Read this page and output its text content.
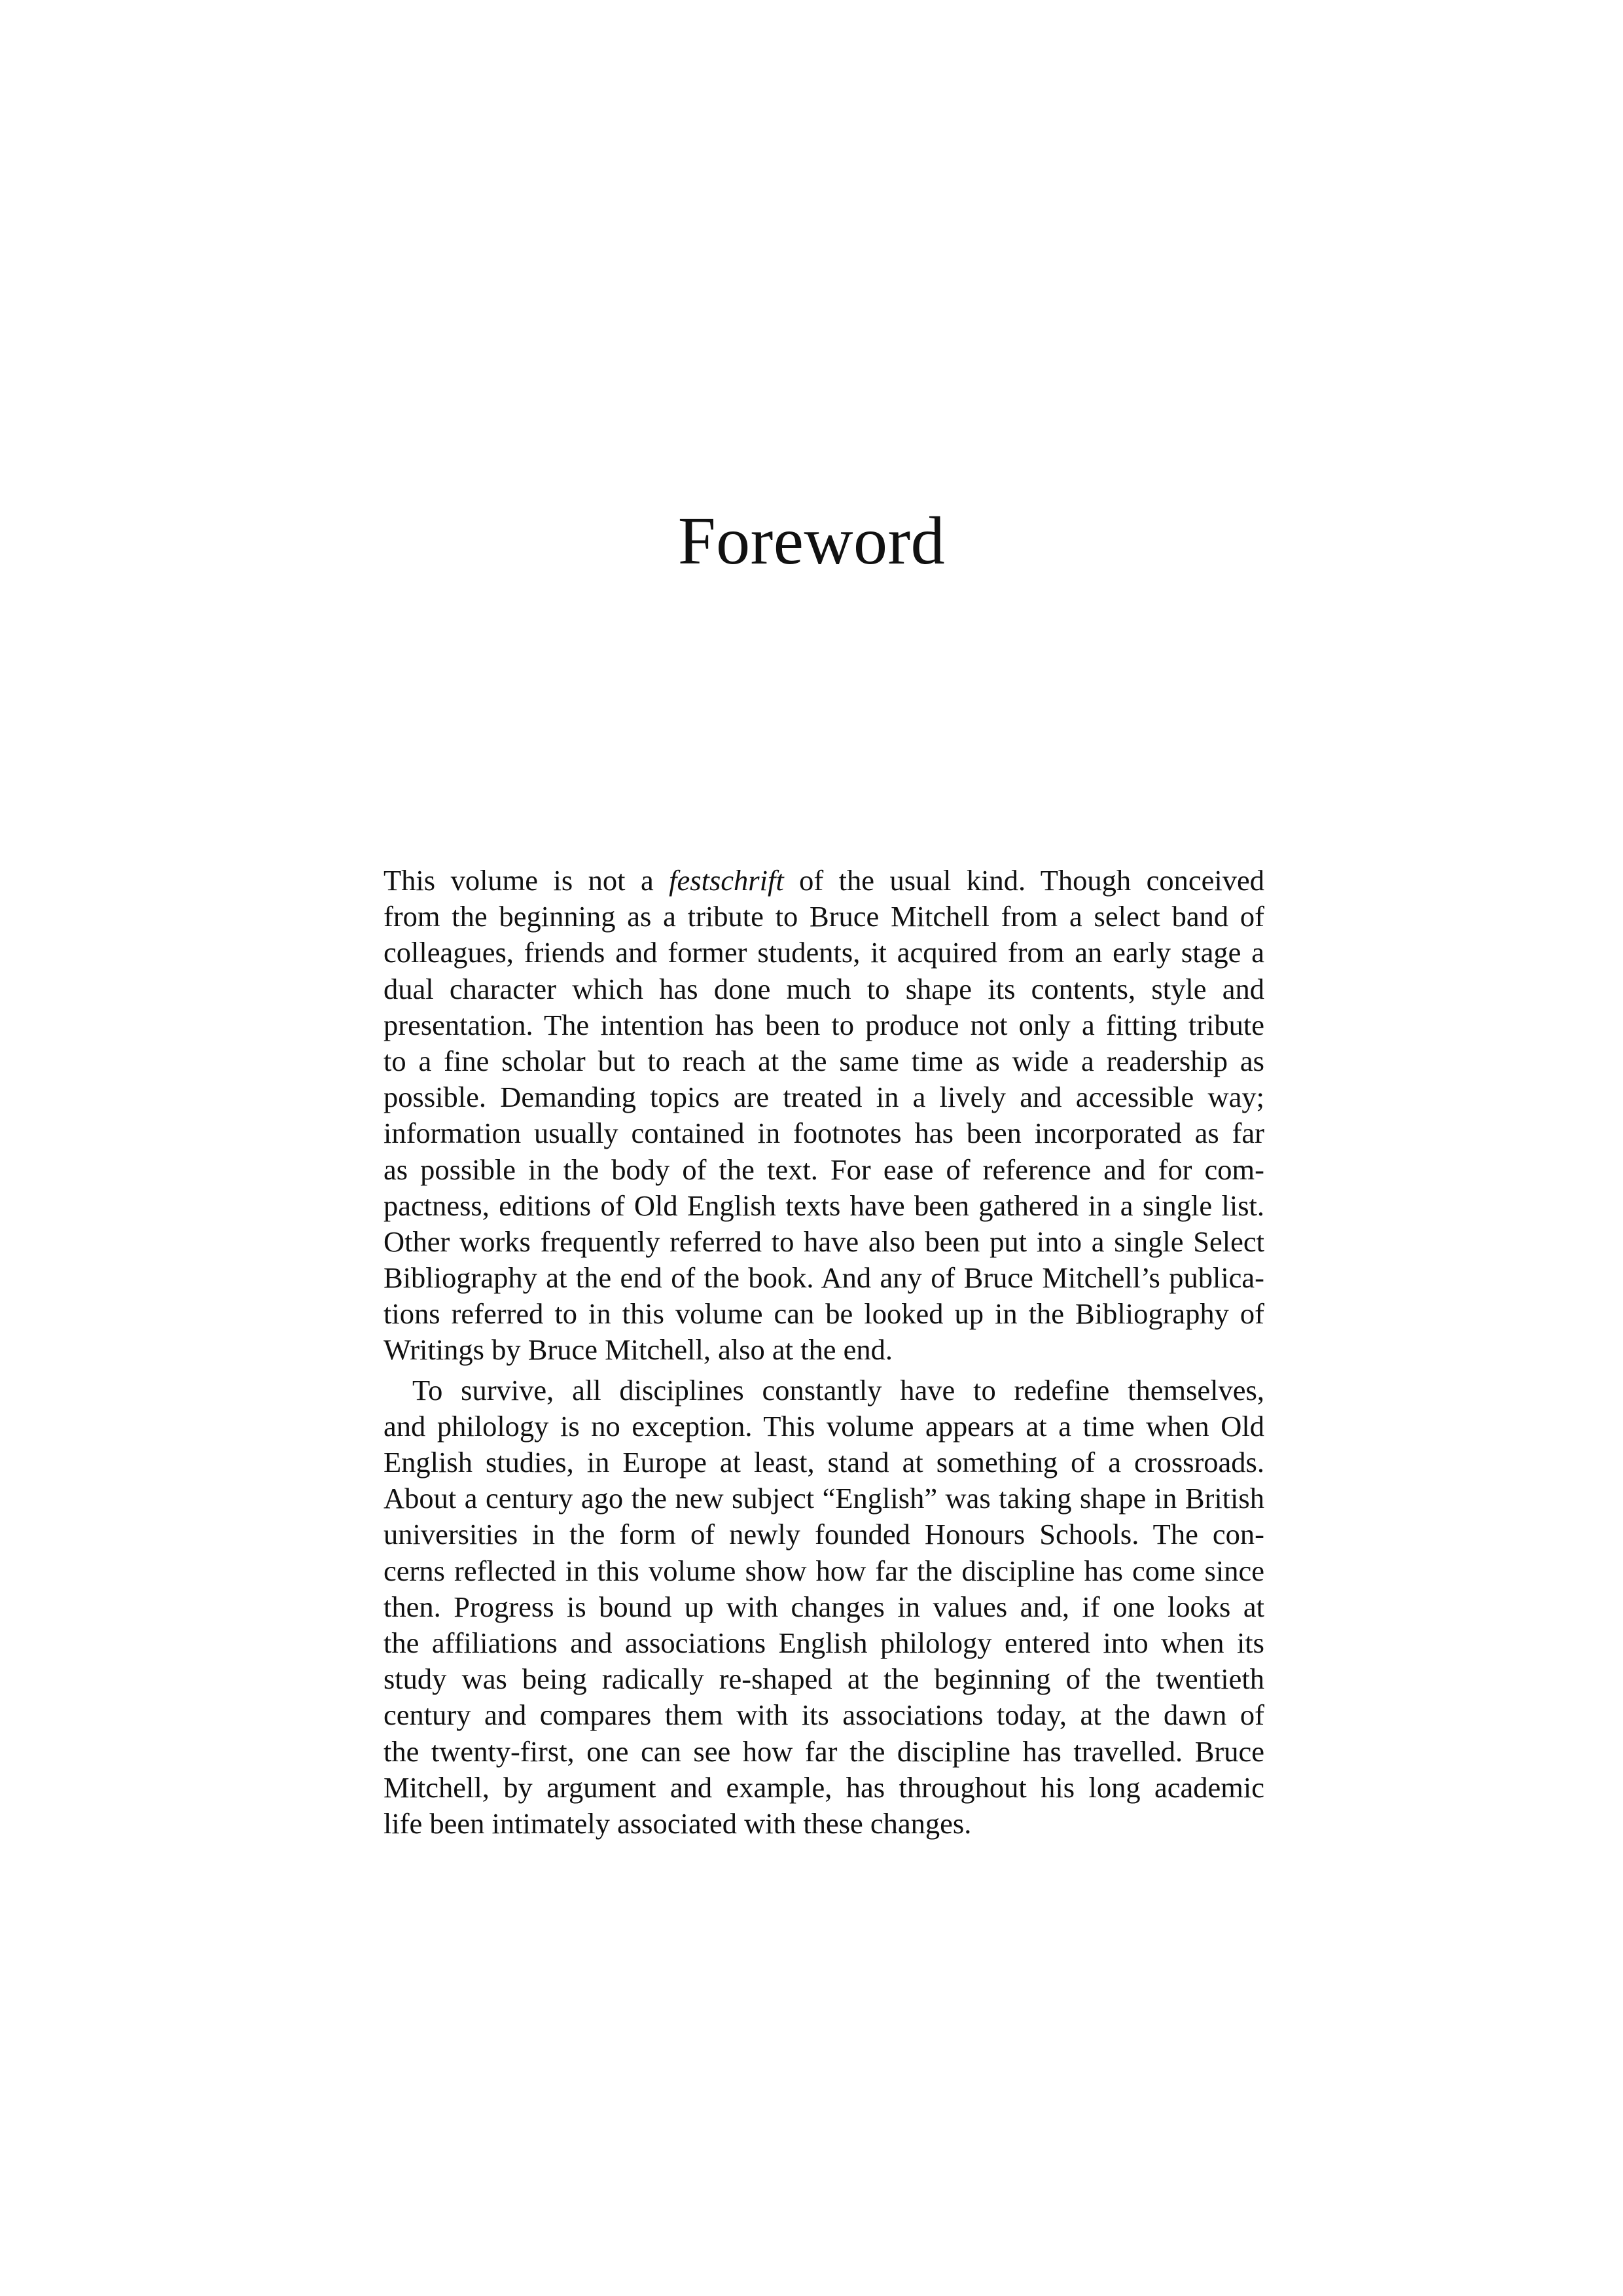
Foreword
This volume is not a festschrift of the usual kind. Though conceived
from the beginning as a tribute to Bruce Mitchell from a select band of
colleagues, friends and former students, it acquired from an early stage a
dual character which has done much to shape its contents, style and
presentation. The intention has been to produce not only a fitting tribute
to a fine scholar but to reach at the same time as wide a readership as
possible. Demanding topics are treated in a lively and accessible way;
information usually contained in footnotes has been incorporated as far
as possible in the body of the text. For ease of reference and for com-
pactness, editions of Old English texts have been gathered in a single list.
Other works frequently referred to have also been put into a single Select
Bibliography at the end of the book. And any of Bruce Mitchell’s publica-
tions referred to in this volume can be looked up in the Bibliography of
Writings by Bruce Mitchell, also at the end.
To survive, all disciplines constantly have to redefine themselves,
and philology is no exception. This volume appears at a time when Old
English studies, in Europe at least, stand at something of a crossroads.
About a century ago the new subject “English” was taking shape in British
universities in the form of newly founded Honours Schools. The con-
cerns reflected in this volume show how far the discipline has come since
then. Progress is bound up with changes in values and, if one looks at
the affiliations and associations English philology entered into when its
study was being radically re-shaped at the beginning of the twentieth
century and compares them with its associations today, at the dawn of
the twenty-first, one can see how far the discipline has travelled. Bruce
Mitchell, by argument and example, has throughout his long academic
life been intimately associated with these changes.
